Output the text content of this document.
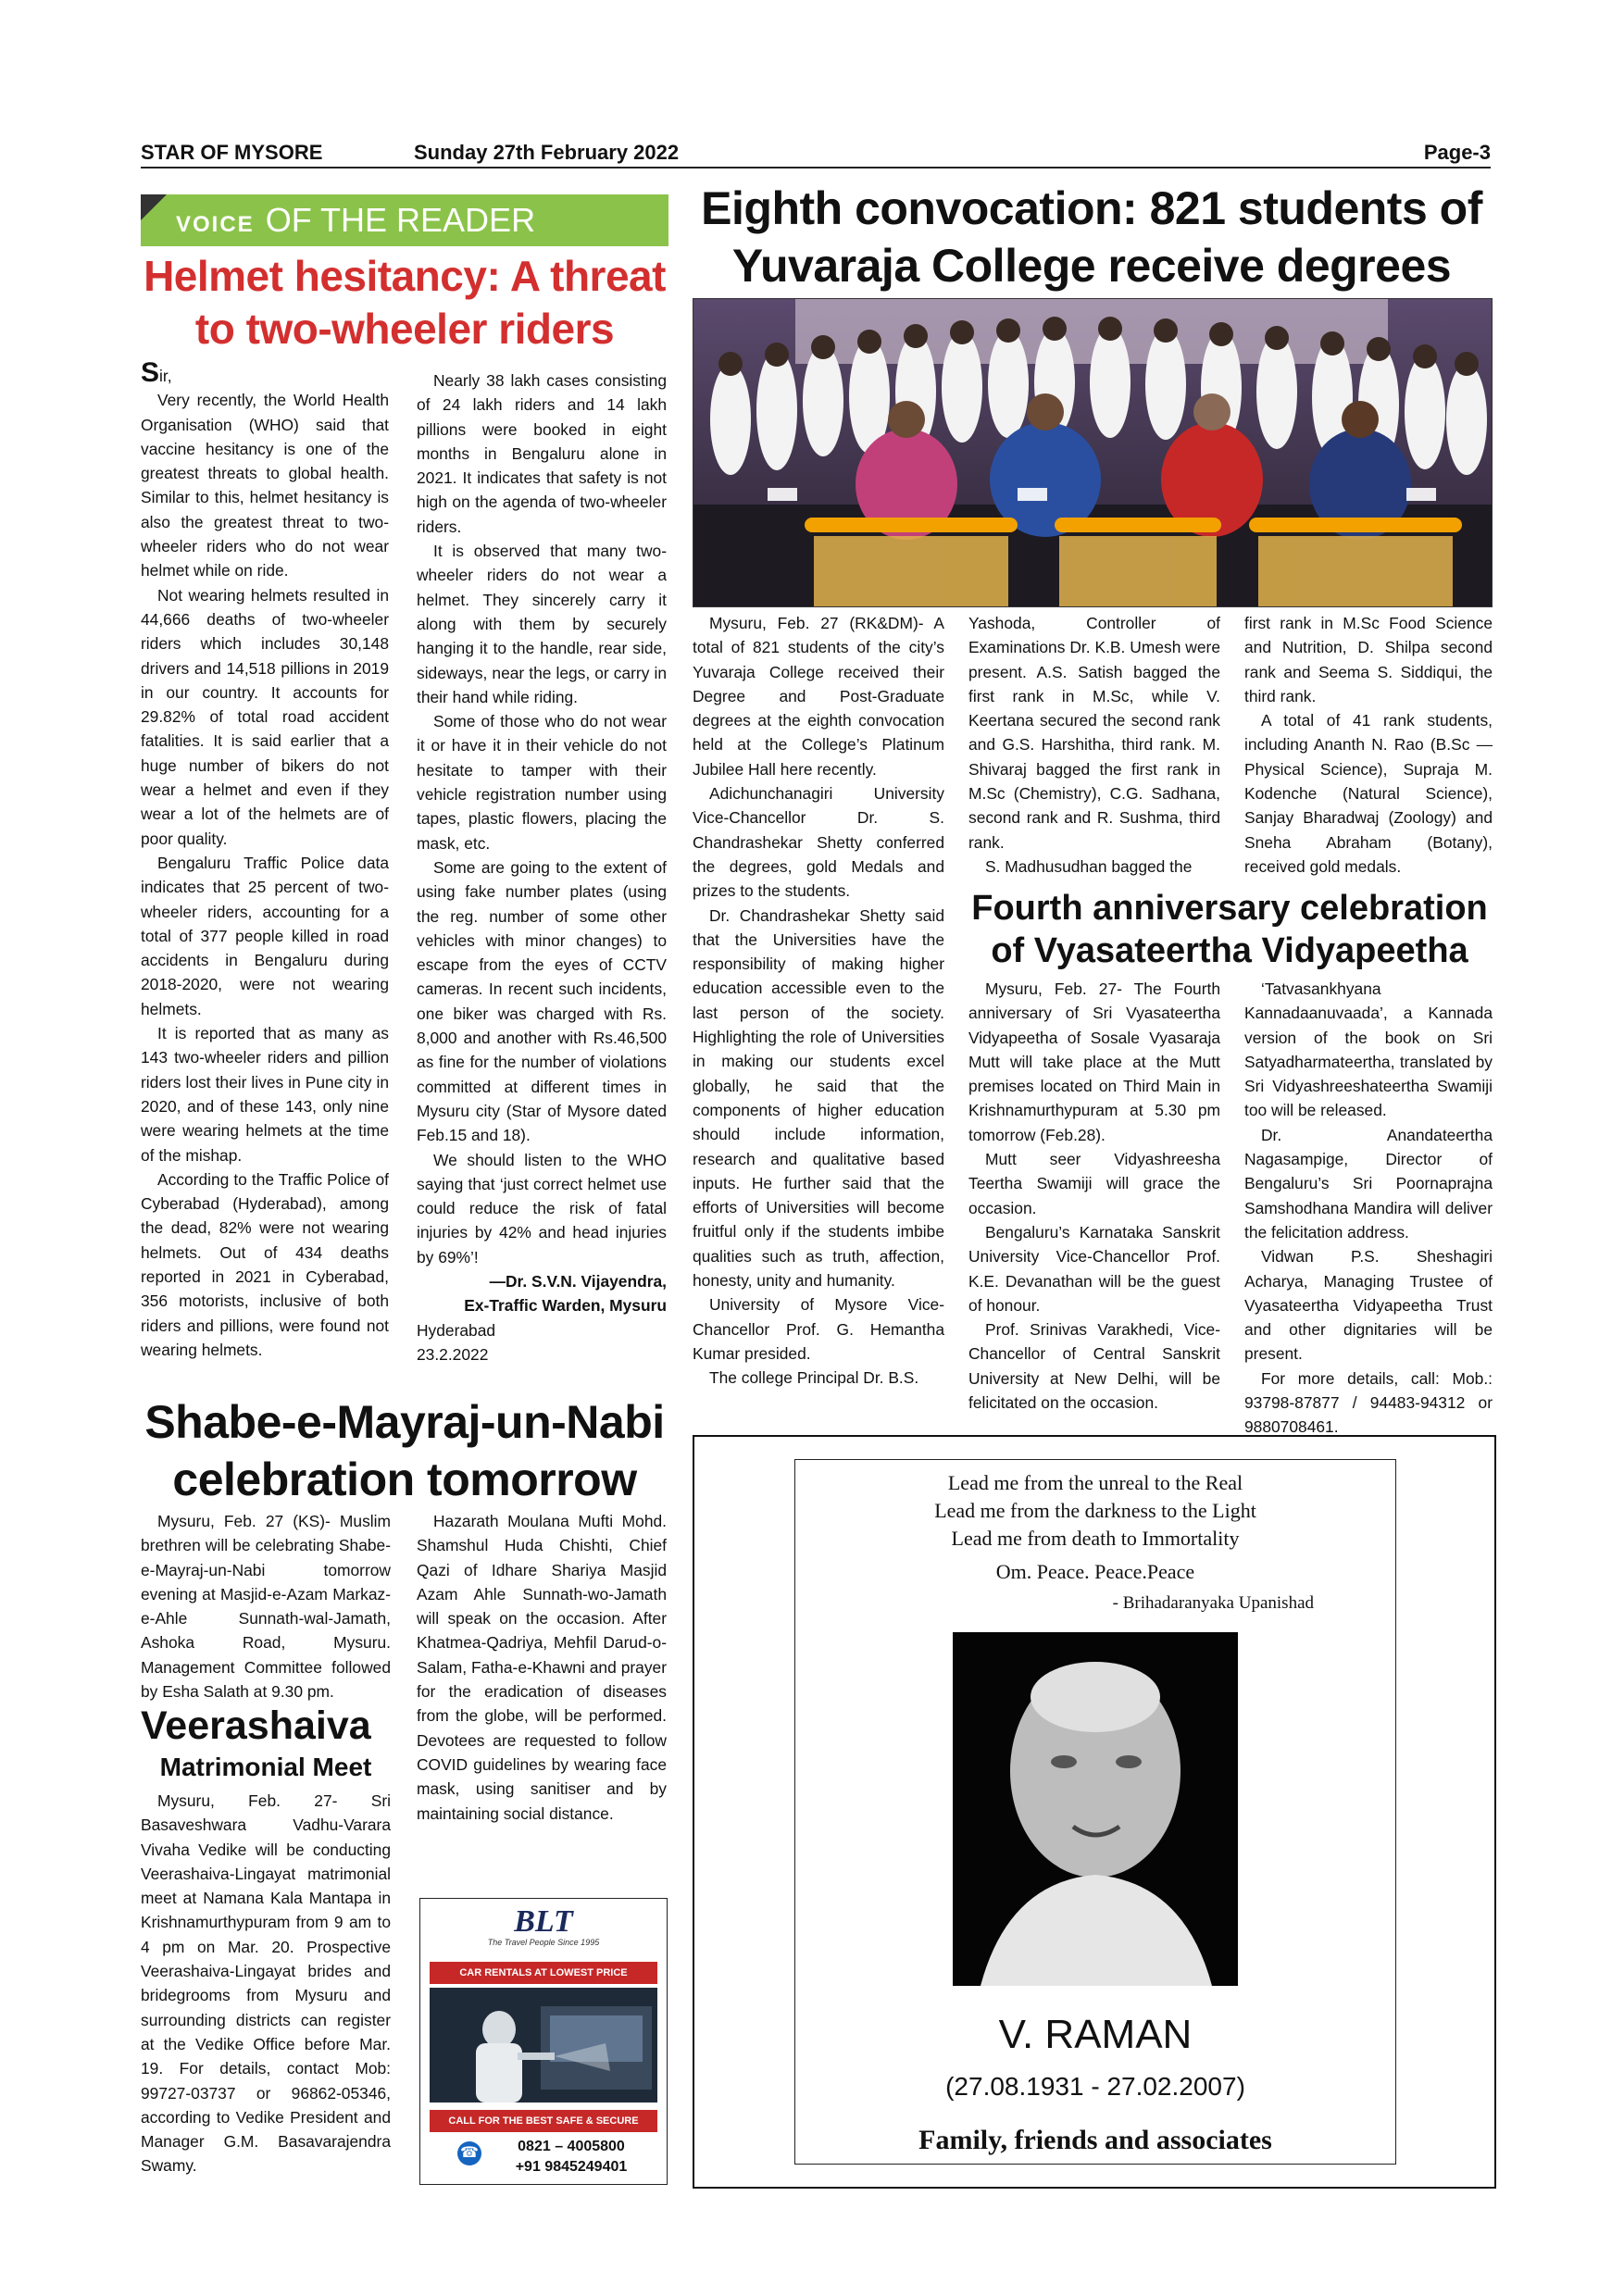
STAR OF MYSORE	Sunday 27th February 2022	Page-3
VOICE OF THE READER
Helmet hesitancy: A threat
to two-wheeler riders

Sir,

Very recently, the World Health Organisation (WHO) said that vaccine hesitancy is one of the greatest threats to global health. Similar to this, helmet hesitancy is also the greatest threat to two-wheeler riders who do not wear helmet while on ride.

Not wearing helmets resulted in 44,666 deaths of two-wheeler riders which includes 30,148 drivers and 14,518 pillions in 2019 in our country. It accounts for 29.82% of total road accident fatalities. It is said earlier that a huge number of bikers do not wear a helmet and even if they wear a lot of the helmets are of poor quality.

Bengaluru Traffic Police data indicates that 25 percent of two-wheeler riders, accounting for a total of 377 people killed in road accidents in Bengaluru during 2018-2020, were not wearing helmets.

It is reported that as many as 143 two-wheeler riders and pillion riders lost their lives in Pune city in 2020, and of these 143, only nine were wearing helmets at the time of the mishap.

According to the Traffic Police of Cyberabad (Hyderabad), among the dead, 82% were not wearing helmets. Out of 434 deaths reported in 2021 in Cyberabad, 356 motorists, inclusive of both riders and pillions, were found not wearing helmets.

Nearly 38 lakh cases consisting of 24 lakh riders and 14 lakh pillions were booked in eight months in Bengaluru alone in 2021. It indicates that safety is not high on the agenda of two-wheeler riders.

It is observed that many two-wheeler riders do not wear a helmet. They sincerely carry it along with them by securely hanging it to the handle, rear side, sideways, near the legs, or carry in their hand while riding.

Some of those who do not wear it or have it in their vehicle do not hesitate to tamper with their vehicle registration number using tapes, plastic flowers, placing the mask, etc.

Some are going to the extent of using fake number plates (using the reg. number of some other vehicles with minor changes) to escape from the eyes of CCTV cameras. In recent such incidents, one biker was charged with Rs. 8,000 and another with Rs.46,500 as fine for the number of violations committed at different times in Mysuru city (Star of Mysore dated Feb.15 and 18).

We should listen to the WHO saying that ‘just correct helmet use could reduce the risk of fatal injuries by 42% and head injuries by 69%’!

—Dr. S.V.N. Vijayendra,

Ex-Traffic Warden, Mysuru

Hyderabad

23.2.2022

Eighth convocation: 821 students of
Yuvaraja College receive degrees

Mysuru, Feb. 27 (RK&DM)- A total of 821 students of the city’s Yuvaraja College received their Degree and Post-Graduate degrees at the eighth convocation held at the College’s Platinum Jubilee Hall here recently.

Adichunchanagiri University Vice-Chancellor Dr. S. Chandrashekar Shetty conferred the degrees, gold Medals and prizes to the students.

Dr. Chandrashekar Shetty said that the Universities have the responsibility of making higher education accessible even to the last person of the society. Highlighting the role of Universities in making our students excel globally, he said that the components of higher education should include information, research and qualitative based inputs. He further said that the efforts of Universities will become fruitful only if the students imbibe qualities such as truth, affection, honesty, unity and humanity.

University of Mysore Vice-Chancellor Prof. G. Hemantha Kumar presided.

The college Principal Dr. B.S.

Yashoda, Controller of Examinations Dr. K.B. Umesh were present. A.S. Satish bagged the first rank in M.Sc, while V. Keertana secured the second rank and G.S. Harshitha, third rank. M. Shivaraj bagged the first rank in M.Sc (Chemistry), C.G. Sadhana, second rank and R. Sushma, third rank.

S. Madhusudhan bagged the

first rank in M.Sc Food Science and Nutrition, D. Shilpa second rank and Seema S. Siddiqui, the third rank.

A total of 41 rank students, including Ananth N. Rao (B.Sc — Physical Science), Supraja M. Kodenche (Natural Science), Sanjay Bharadwaj (Zoology) and Sneha Abraham (Botany), received gold medals.

Fourth anniversary celebration
of Vyasateertha Vidyapeetha

Mysuru, Feb. 27- The Fourth anniversary of Sri Vyasateertha Vidyapeetha of Sosale Vyasaraja Mutt will take place at the Mutt premises located on Third Main in Krishnamurthypuram at 5.30 pm tomorrow (Feb.28).

Mutt seer Vidyashreesha Teertha Swamiji will grace the occasion.

Bengaluru’s Karnataka Sanskrit University Vice-Chancellor Prof. K.E. Devanathan will be the guest of honour.

Prof. Srinivas Varakhedi, Vice-Chancellor of Central Sanskrit University at New Delhi, will be felicitated on the occasion.

‘Tatvasankhyana Kannadaanuvaada’, a Kannada version of the book on Sri Satyadharmateertha, translated by Sri Vidyashreeshateertha Swamiji too will be released.

Dr. Anandateertha Nagasampige, Director of Bengaluru’s Sri Poornaprajna Samshodhana Mandira will deliver the felicitation address.

Vidwan P.S. Sheshagiri Acharya, Managing Trustee of Vyasateertha Vidyapeetha Trust and other dignitaries will be present.

For more details, call: Mob.: 93798-87877 / 94483-94312 or 9880708461.

Shabe-e-Mayraj-un-Nabi
celebration tomorrow

Mysuru, Feb. 27 (KS)- Muslim brethren will be celebrating Shabe-e-Mayraj-un-Nabi tomorrow evening at Masjid-e-Azam Markaz-e-Ahle Sunnath-wal-Jamath, Ashoka Road, Mysuru. Management Committee followed by Esha Salath at 9.30 pm.

Hazarath Moulana Mufti Mohd. Shamshul Huda Chishti, Chief Qazi of Idhare Shariya Masjid Azam Ahle Sunnath-wo-Jamath will speak on the occasion. After Khatmea-Qadriya, Mehfil Darud-o-Salam, Fatha-e-Khawni and prayer for the eradication of diseases from the globe, will be performed. Devotees are requested to follow COVID guidelines by wearing face mask, using sanitiser and by maintaining social distance.

Veerashaiva
Matrimonial Meet

Mysuru, Feb. 27- Sri Basaveshwara Vadhu-Varara Vivaha Vedike will be conducting Veerashaiva-Lingayat matrimonial meet at Namana Kala Mantapa in Krishnamurthypuram from 9 am to 4 pm on Mar. 20. Prospective Veerashaiva-Lingayat brides and bridegrooms from Mysuru and surrounding districts can register at the Vedike Office before Mar. 19. For details, contact Mob: 99727-03737 or 96862-05346, according to Vedike President and Manager G.M. Basavarajendra Swamy.

BLT
The Travel People Since 1995
CAR RENTALS AT LOWEST PRICE
CALL FOR THE BEST SAFE & SECURE
☎	0821 – 4005800
+91 9845249401
Lead me from the unreal to the Real
Lead me from the darkness to the Light
Lead me from death to Immortality
Om. Peace. Peace.Peace
- Brihadaranyaka Upanishad
V. RAMAN
(27.08.1931 - 27.02.2007)
Family, friends and associates
